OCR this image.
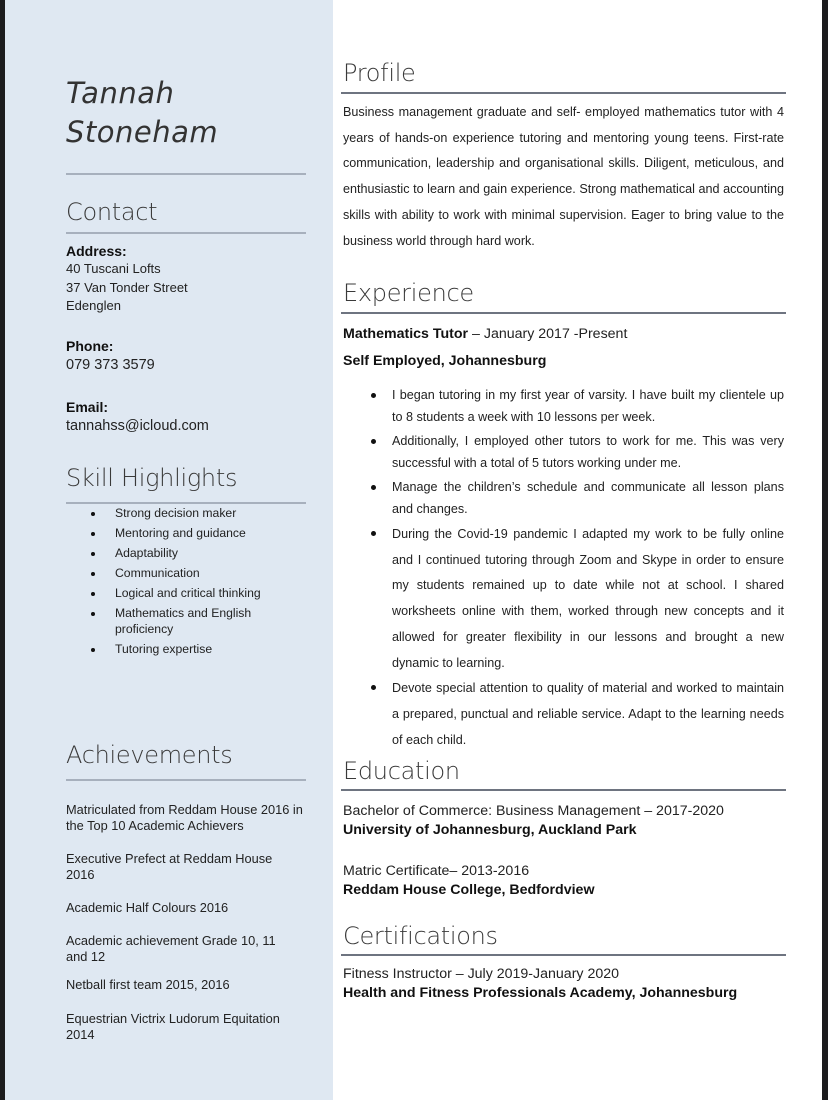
Tannah
Stoneham
Contact
Address:
40 Tuscani Lofts
37 Van Tonder Street
Edenglen
Phone:
079 373 3579
Email:
tannahss@icloud.com
Skill Highlights
Strong decision maker
Mentoring and guidance
Adaptability
Communication
Logical and critical thinking
Mathematics and English proficiency
Tutoring expertise
Achievements
Matriculated from Reddam House 2016 in the Top 10 Academic Achievers
Executive Prefect at Reddam House 2016
Academic Half Colours 2016
Academic achievement Grade 10, 11 and 12
Netball first team 2015, 2016
Equestrian Victrix Ludorum Equitation 2014
Profile

Business management graduate and self- employed mathematics tutor with 4 years of hands-on experience tutoring and mentoring young teens. First-rate communication, leadership and organisational skills. Diligent, meticulous, and enthusiastic to learn and gain experience. Strong mathematical and accounting skills with ability to work with minimal supervision. Eager to bring value to the business world through hard work.

Experience
Mathematics Tutor – January 2017 -Present
Self Employed, Johannesburg
I began tutoring in my first year of varsity. I have built my clientele up to 8 students a week with 10 lessons per week.
Additionally, I employed other tutors to work for me. This was very successful with a total of 5 tutors working under me.
Manage the children’s schedule and communicate all lesson plans and changes.
During the Covid-19 pandemic I adapted my work to be fully online and I continued tutoring through Zoom and Skype in order to ensure my students remained up to date while not at school. I shared worksheets online with them, worked through new concepts and it allowed for greater flexibility in our lessons and brought a new dynamic to learning.
Devote special attention to quality of material and worked to maintain a prepared, punctual and reliable service. Adapt to the learning needs of each child.
Education
Bachelor of Commerce: Business Management – 2017-2020
University of Johannesburg, Auckland Park
Matric Certificate– 2013-2016
Reddam House College, Bedfordview
Certifications
Fitness Instructor – July 2019-January 2020
Health and Fitness Professionals Academy, Johannesburg
